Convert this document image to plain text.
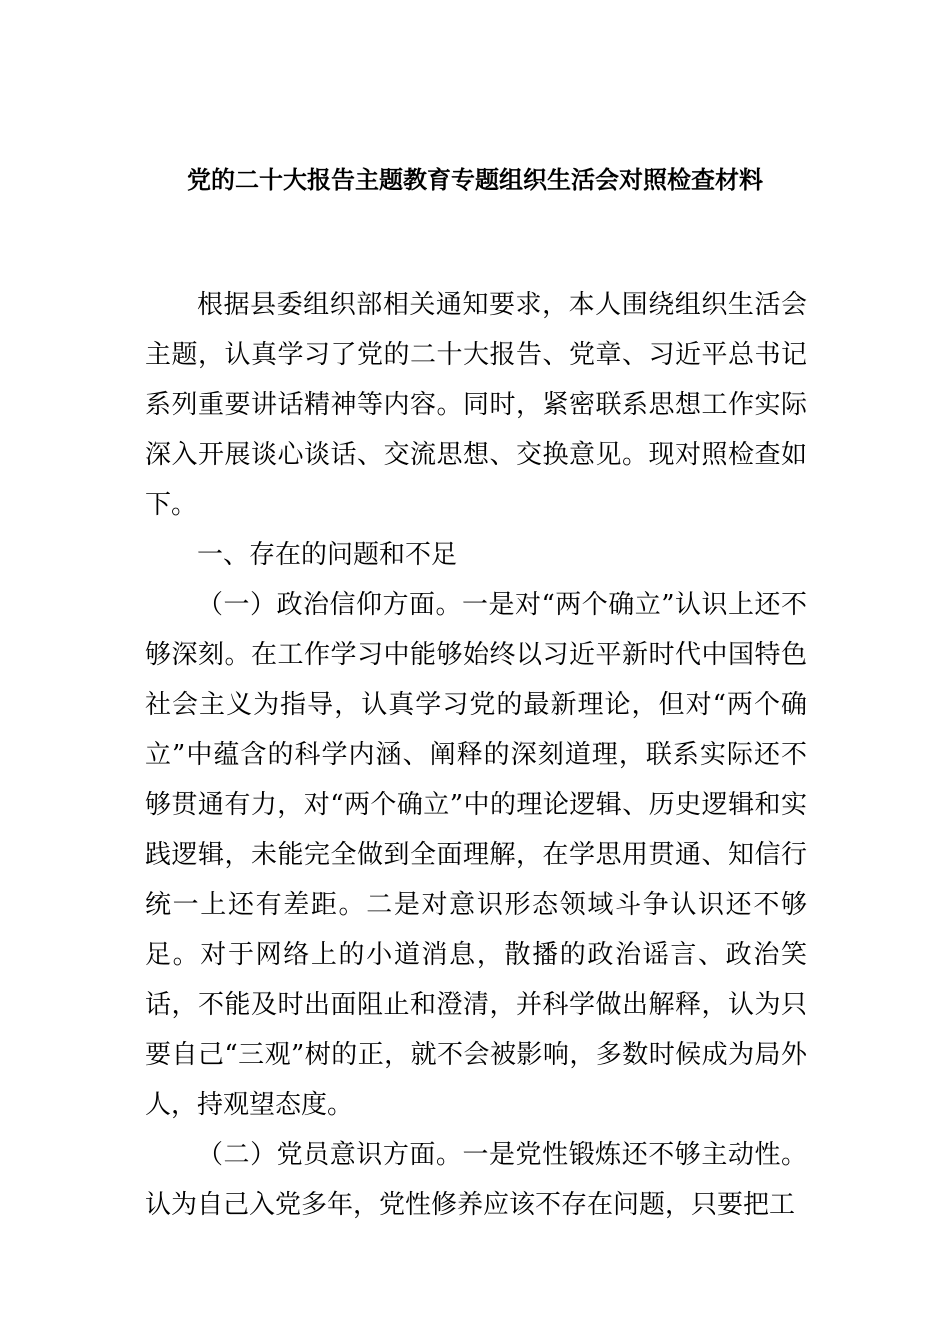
党的二十大报告主题教育专题组织生活会对照检查材料

根据县委组织部相关通知要求，本人围绕组织生活会主题，认真学习了党的二十大报告、党章、习近平总书记系列重要讲话精神等内容。同时，紧密联系思想工作实际深入开展谈心谈话、交流思想、交换意见。现对照检查如下。

一、存在的问题和不足

（一）政治信仰方面。一是对“两个确立”认识上还不够深刻。在工作学习中能够始终以习近平新时代中国特色社会主义为指导，认真学习党的最新理论，但对“两个确立”中蕴含的科学内涵、阐释的深刻道理，联系实际还不够贯通有力，对“两个确立”中的理论逻辑、历史逻辑和实践逻辑，未能完全做到全面理解，在学思用贯通、知信行统一上还有差距。二是对意识形态领域斗争认识还不够足。对于网络上的小道消息，散播的政治谣言、政治笑话，不能及时出面阻止和澄清，并科学做出解释，认为只要自己“三观”树的正，就不会被影响，多数时候成为局外人，持观望态度。

（二）党员意识方面。一是党性锻炼还不够主动性。认为自己入党多年，党性修养应该不存在问题，只要把工
